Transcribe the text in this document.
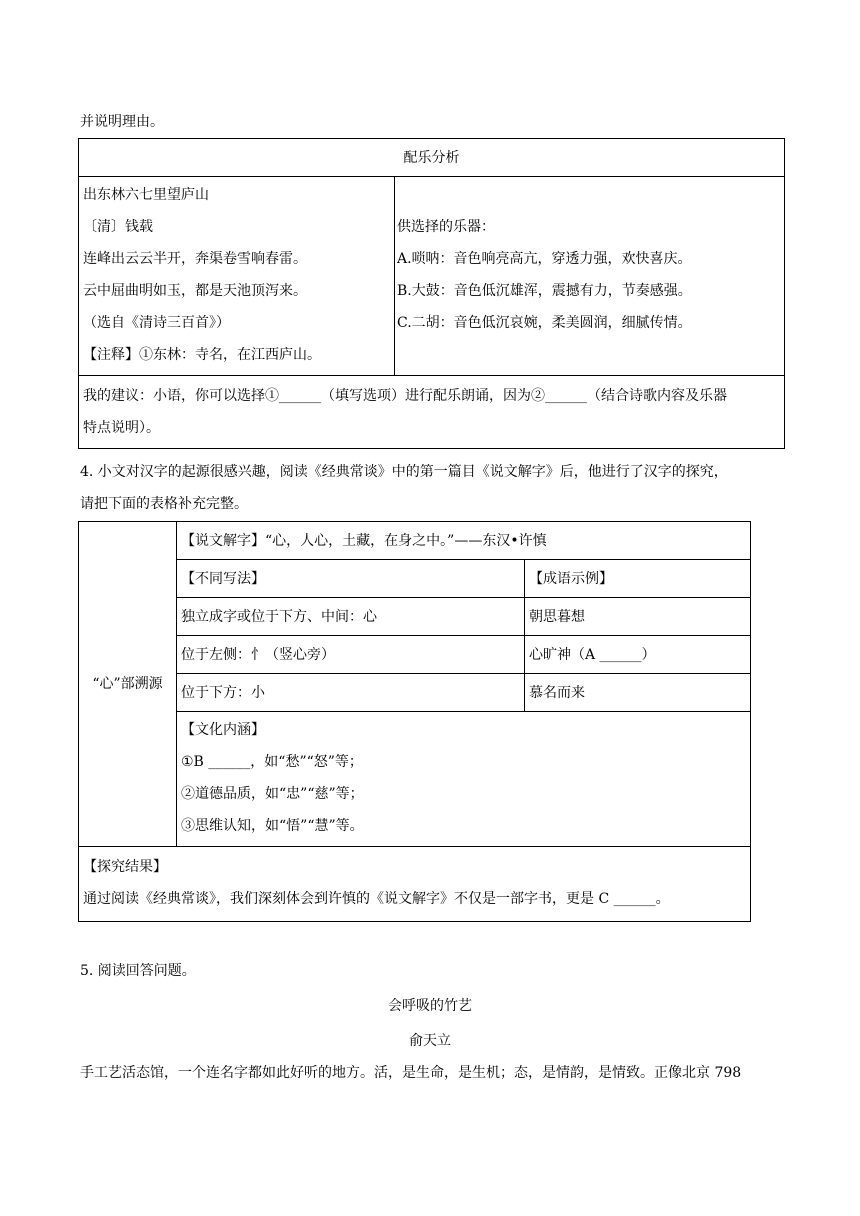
并说明理由。
配乐分析

出东林六七里望庐山
〔清〕钱载
连峰出云云半开，奔渠卷雪响春雷。
云中屈曲明如玉，都是天池顶泻来。
（选自《清诗三百首》）
【注释】①东林：寺名，在江西庐山。

供选择的乐器：
A.唢呐：音色响亮高亢，穿透力强，欢快喜庆。
B.大鼓：音色低沉雄浑，震撼有力，节奏感强。
C.二胡：音色低沉哀婉，柔美圆润，细腻传情。

我的建议：小语，你可以选择①______（填写选项）进行配乐朗诵，因为②______（结合诗歌内容及乐器
特点说明）。
4. 小文对汉字的起源很感兴趣，阅读《经典常谈》中的第一篇目《说文解字》后，他进行了汉字的探究，
请把下面的表格补充完整。
“心”部溯源	【说文解字】“心，人心，土藏，在身之中。”——东汉•许慎	
	【不同写法】	【成语示例】
	独立成字或位于下方、中间：心	朝思暮想
	位于左侧：忄（竖心旁）	心旷神（A ______）
	位于下方：小	慕名而来

	【文化内涵】
①B ______，如“愁”“怒”等；
②道德品质，如“忠”“慈”等；
③思维认知，如“悟”“慧”等。	

【探究结果】
通过阅读《经典常谈》，我们深刻体会到许慎的《说文解字》不仅是一部字书，更是 C ______。		
5. 阅读回答问题。
会呼吸的竹艺
俞天立
手工艺活态馆，一个连名字都如此好听的地方。活，是生命，是生机；态，是情韵，是情致。正像北京 798
